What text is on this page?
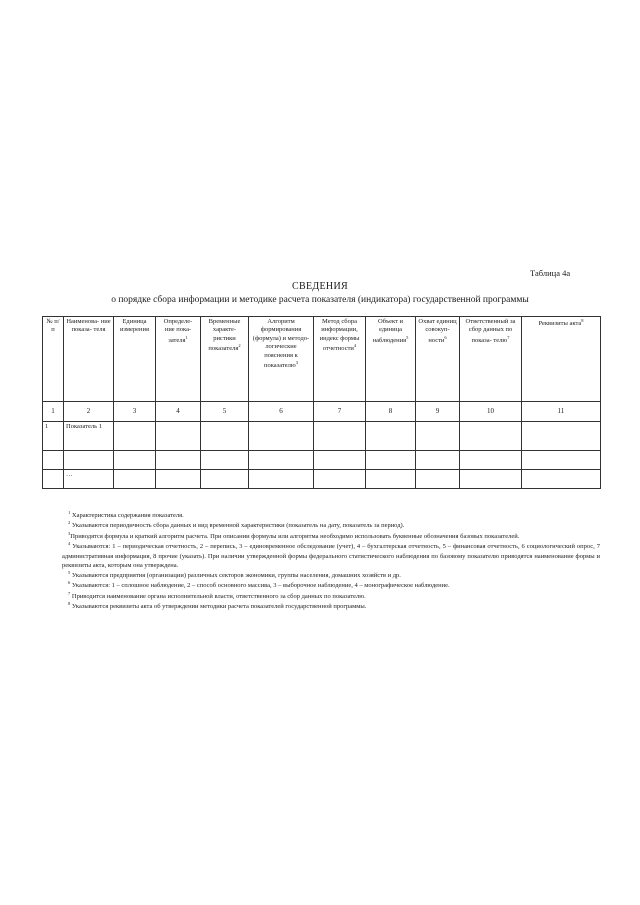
Таблица 4а
СВЕДЕНИЯ
о порядке сбора информации и методике расчета показателя (индикатора) государственной программы
№ п/п	Наименова- ние показа- теля	Единица измерения	Определе- ние пока- зателя$^1$	Временные характе- ристики показателя$^2$	Алгоритм формирования (формула) и методо- логические пояснения к показателю$^3$	Метод сбора информации, индекс формы отчетности$^4$	Объект и единица наблюдения$^5$	Охват единиц совокуп- ности$^6$	Ответственный за сбор данных по показа- телю$^7$	Реквизиты акта$^8$
1	2	3	4	5	6	7	8	9	10	11
1	Показатель 1									

	…									

$^1$ Характеристика содержания показателя.

$^2$ Указываются периодичность сбора данных и вид временной характеристики (показатель на дату, показатель за период).

$^3$Приводятся формула и краткий алгоритм расчета. При описании формулы или алгоритма необходимо использовать буквенные обозначения базовых показателей.

$^4$ Указываются: 1 – периодическая отчетность, 2 – перепись, 3 – единовременное обследование (учет), 4 – бухгалтерская отчетность, 5 – финансовая отчетность, 6 социологический опрос, 7 административная информация, 8 прочие (указать). При наличии утвержденной формы федерального статистического наблюдения по базовому показателю приводятся наименование формы и реквизиты акта, которым она утверждена.

$^5$ Указываются предприятия (организации) различных секторов экономики, группы населения, домашних хозяйств и др.

$^6$ Указываются: 1 – сплошное наблюдение, 2 – способ основного массива, 3 – выборочное наблюдение, 4 – монографическое наблюдение.

$^7$ Приводится наименование органа исполнительной власти, ответственного за сбор данных по показателю.

$^8$ Указываются реквизиты акта об утверждении методики расчета показателей государственной программы.
